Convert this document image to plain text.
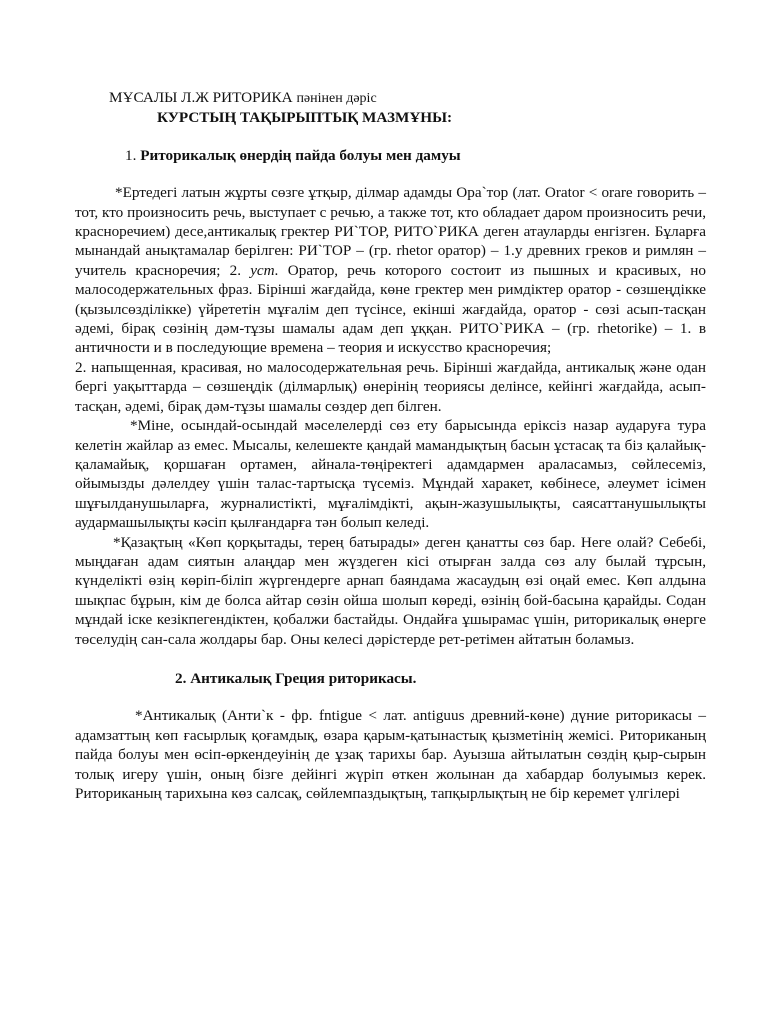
МҰСАЛЫ Л.Ж РИТОРИКА пәнінен дәріс

КУРСТЫҢ ТАҚЫРЫПТЫҚ МАЗМҰНЫ:

1. Риторикалық өнердің пайда болуы мен дамуы

*Ертедегі латын жұрты сөзге ұтқыр, ділмар адамды Ора`тор (лат. Orator < orare говорить – тот, кто произносить речь, выступает с речью, а также тот, кто обладает даром произносить речи, красноречием) десе,антикалық гректер РИ`ТОР, РИТО`РИКА деген атауларды енгізген. Бұларға мынандай анықтамалар берілген: РИ`ТОР – (гр. rhetor оратор) – 1.у древних греков и римлян – учитель красноречия; 2. уст. Оратор, речь которого состоит из пышных и красивых, но малосодержательных фраз. Бірінші жағдайда, көне гректер мен римдіктер оратор - сөзшеңдікке (қызылсөзділікке) үйрететін мұғалім деп түсінсе, екінші жағдайда, оратор - сөзі асып-тасқан әдемі, бірақ сөзінің дәм-тұзы шамалы адам деп ұққан. РИТО`РИКА – (гр. rhetorike) – 1. в античности и в последующие времена – теория и искусство красноречия;

2. напыщенная, красивая, но малосодержательная речь. Бірінші жағдайда, антикалық және одан бергі уақыттарда – сөзшеңдік (ділмарлық) өнерінің теориясы делінсе, кейінгі жағдайда, асып-тасқан, әдемі, бірақ дәм-тұзы шамалы сөздер деп білген.

*Міне, осындай-осындай мәселелерді сөз ету барысында еріксіз назар аударуға тура келетін жайлар аз емес. Мысалы, келешекте қандай мамандықтың басын ұстасақ та біз қалайық-қаламайық, қоршаған ортамен, айнала-төңіректегі адамдармен араласамыз, сөйлесеміз, ойымызды дәлелдеу үшін талас-тартысқа түсеміз. Мұндай харакет, көбінесе, әлеумет ісімен шұғылданушыларға, журналистікті, мұғалімдікті, ақын-жазушылықты, саясаттанушылықты аудармашылықты кәсіп қылғандарға тән болып келеді.

*Қазақтың «Көп қорқытады, терең батырады» деген қанатты сөз бар. Неге олай? Себебі, мыңдаған адам сиятын алаңдар мен жүздеген кісі отырған залда сөз алу былай тұрсын, күнделікті өзің көріп-біліп жүргендерге арнап баяндама жасаудың өзі оңай емес. Көп алдына шықпас бұрын, кім де болса айтар сөзін ойша шолып көреді, өзінің бой-басына қарайды. Содан мұндай іске кезікпегендіктен, қобалжи бастайды. Ондайға ұшырамас үшін, риторикалық өнерге төселудің сан-сала жолдары бар. Оны келесі дәрістерде рет-ретімен айтатын боламыз.

2. Антикалық Греция риторикасы.

*Антикалық (Анти`к - фр. fntigue < лат. antiguus древний-көне) дүние риторикасы – адамзаттың көп ғасырлық қоғамдық, өзара қарым-қатынастық қызметінің жемісі. Риториканың пайда болуы мен өсіп-өркендеуінің де ұзақ тарихы бар. Ауызша айтылатын сөздің қыр-сырын толық игеру үшін, оның бізге дейінгі жүріп өткен жолынан да хабардар болуымыз керек. Риториканың тарихына көз салсақ, сөйлемпаздықтың, тапқырлықтың не бір керемет үлгілері
